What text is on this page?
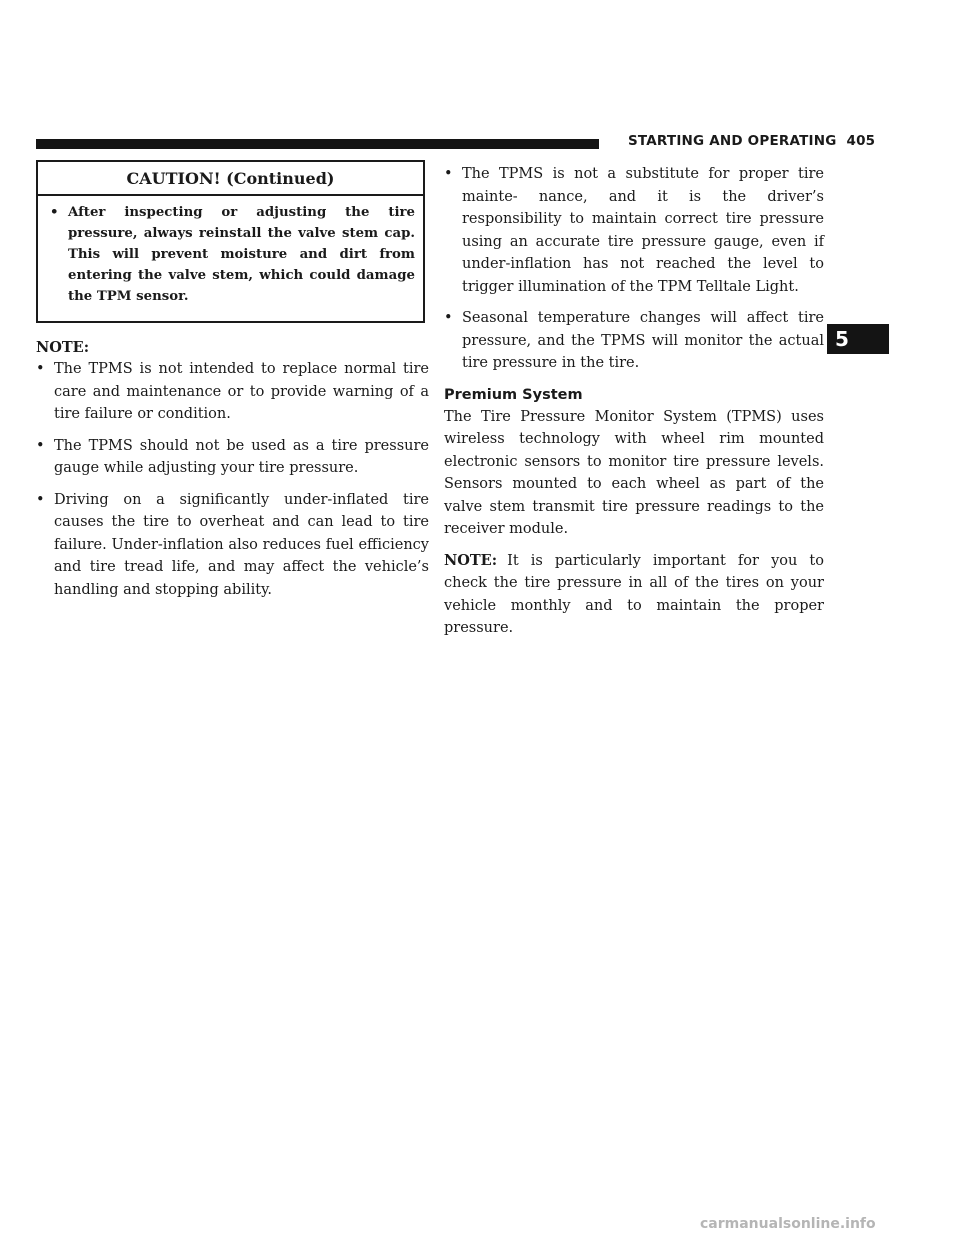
STARTING AND OPERATING 405
CAUTION! (Continued)
• After inspecting or adjusting the tire pressure, always reinstall the valve stem cap. This will prevent moisture and dirt from entering the valve stem, which could damage the TPM sensor.
NOTE:
• The TPMS is not intended to replace normal tire care and maintenance or to provide warning of a tire failure or condition.
• The TPMS should not be used as a tire pressure gauge while adjusting your tire pressure.
• Driving on a significantly under-inflated tire causes the tire to overheat and can lead to tire failure. Under-inflation also reduces fuel efficiency and tire tread life, and may affect the vehicle’s handling and stopping ability.
• The TPMS is not a substitute for proper tire mainte- nance, and it is the driver’s responsibility to maintain correct tire pressure using an accurate tire pressure gauge, even if under-inflation has not reached the level to trigger illumination of the TPM Telltale Light.
• Seasonal temperature changes will affect tire pressure, and the TPMS will monitor the actual tire pressure in the tire.
Premium System

The Tire Pressure Monitor System (TPMS) uses wireless technology with wheel rim mounted electronic sensors to monitor tire pressure levels. Sensors mounted to each wheel as part of the valve stem transmit tire pressure readings to the receiver module.

NOTE: It is particularly important for you to check the tire pressure in all of the tires on your vehicle monthly and to maintain the proper pressure.

5
carmanualsonline.info
